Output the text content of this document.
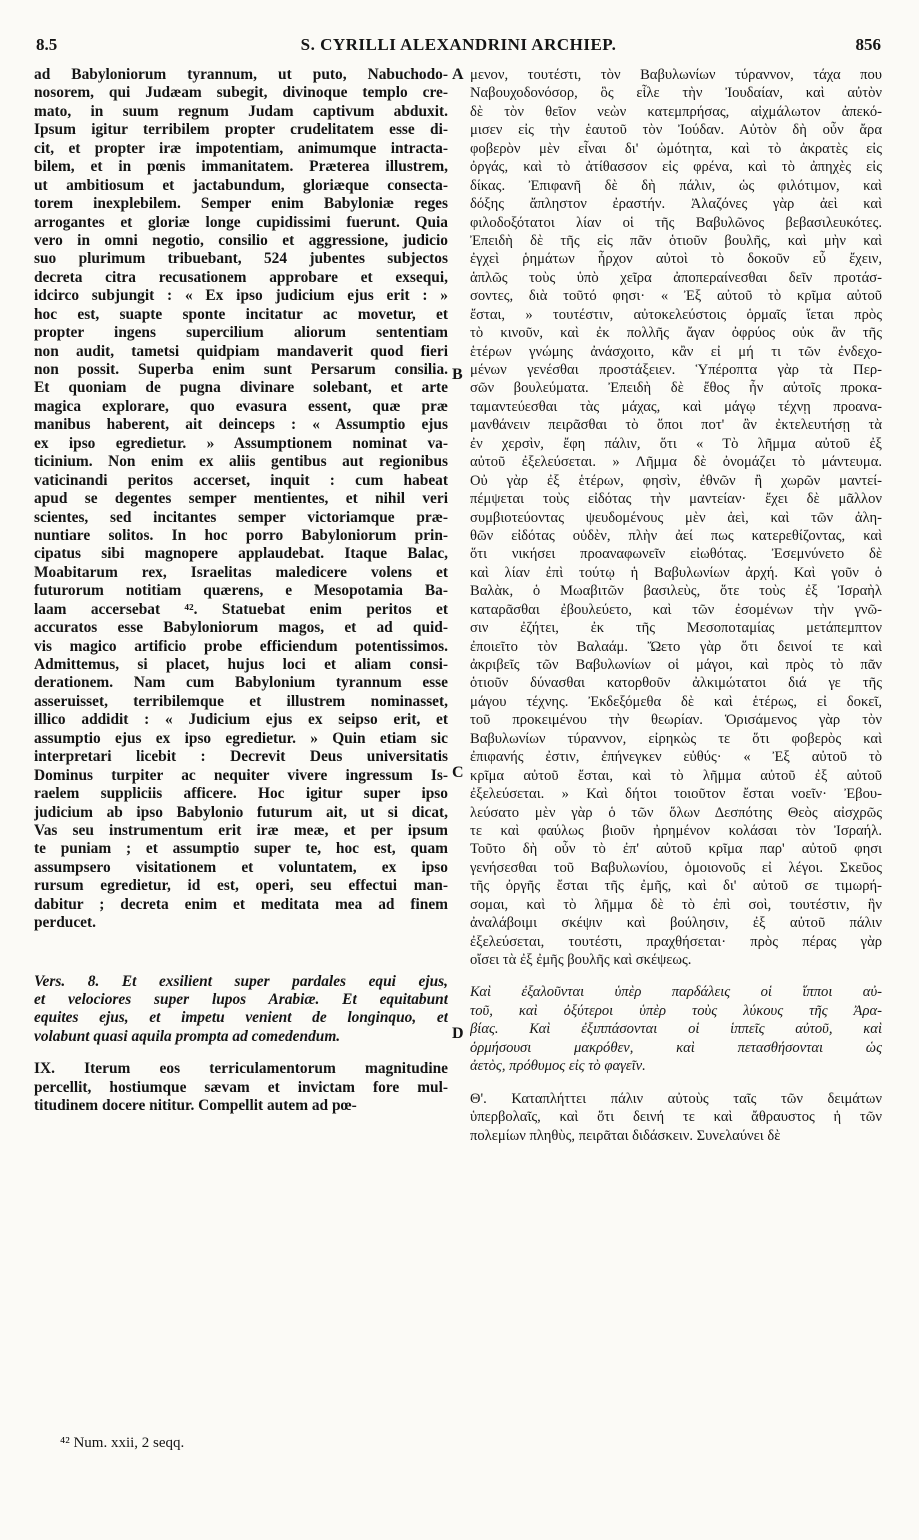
8.5	S. CYRILLI ALEXANDRINI ARCHIEP.	856
A
B
C
D
ad Babyloniorum tyrannum, ut puto, Nabuchodo-
nosorem, qui Judæam subegit, divinoque templo cre-
mato, in suum regnum Judam captivum abduxit.
Ipsum igitur terribilem propter crudelitatem esse di-
cit, et propter iræ impotentiam, animumque intracta-
bilem, et in pœnis immanitatem. Præterea illustrem,
ut ambitiosum et jactabundum, gloriæque consecta-
torem inexplebilem. Semper enim Babyloniæ reges
arrogantes et gloriæ longe cupidissimi fuerunt. Quia
vero in omni negotio, consilio et aggressione, judicio
suo plurimum tribuebant, 524 jubentes subjectos
decreta citra recusationem approbare et exsequi,
idcirco subjungit : « Ex ipso judicium ejus erit : »
hoc est, suapte sponte incitatur ac movetur, et
propter ingens supercilium aliorum sententiam
non audit, tametsi quidpiam mandaverit quod fieri
non possit. Superba enim sunt Persarum consilia.
Et quoniam de pugna divinare solebant, et arte
magica explorare, quo evasura essent, quæ præ
manibus haberent, ait deinceps : « Assumptio ejus
ex ipso egredietur. » Assumptionem nominat va-
ticinium. Non enim ex aliis gentibus aut regionibus
vaticinandi peritos accerset, inquit : cum habeat
apud se degentes semper mentientes, et nihil veri
scientes, sed incitantes semper victoriamque præ-
nuntiare solitos. In hoc porro Babyloniorum prin-
cipatus sibi magnopere applaudebat. Itaque Balac,
Moabitarum rex, Israelitas maledicere volens et
futurorum notitiam quærens, e Mesopotamia Ba-
laam accersebat ⁴². Statuebat enim peritos et
accuratos esse Babyloniorum magos, et ad quid-
vis magico artificio probe efficiendum potentissimos.
Admittemus, si placet, hujus loci et aliam consi-
derationem. Nam cum Babylonium tyrannum esse
asseruisset, terribilemque et illustrem nominasset,
illico addidit : « Judicium ejus ex seipso erit, et
assumptio ejus ex ipso egredietur. » Quin etiam sic
interpretari licebit : Decrevit Deus universitatis
Dominus turpiter ac nequiter vivere ingressum Is-
raelem suppliciis afficere. Hoc igitur super ipso
judicium ab ipso Babylonio futurum ait, ut si dicat,
Vas seu instrumentum erit iræ meæ, et per ipsum
te puniam ; et assumptio super te, hoc est, quam
assumpsero visitationem et voluntatem, ex ipso
rursum egredietur, id est, operi, seu effectui man-
dabitur ; decreta enim et meditata mea ad finem
perducet.
Vers. 8. Et exsilient super pardales equi ejus,
et velociores super lupos Arabiæ. Et equitabunt
equites ejus, et impetu venient de longinquo, et
volabunt quasi aquila prompta ad comedendum.
IX. Iterum eos terriculamentorum magnitudine
percellit, hostiumque sævam et invictam fore mul-
titudinem docere nititur. Compellit autem ad pœ-
μενον, τουτέστι, τὸν Βαβυλωνίων τύραννον, τάχα που
Ναβουχοδονόσορ, ὃς εἷλε τὴν Ἰουδαίαν, καὶ αὐτὸν
δὲ τὸν θεῖον νεὼν κατεμπρήσας, αἰχμάλωτον ἀπεκό-
μισεν εἰς τὴν ἑαυτοῦ τὸν Ἰούδαν. Αὐτὸν δὴ οὖν ἄρα
φοβερὸν μὲν εἶναι δι' ὠμότητα, καὶ τὸ ἀκρατὲς εἰς
ὀργάς, καὶ τὸ ἀτίθασσον εἰς φρένα, καὶ τὸ ἀπηχὲς εἰς
δίκας. Ἐπιφανῆ δὲ δὴ πάλιν, ὡς φιλότιμον, καὶ
δόξης ἄπληστον ἐραστήν. Ἀλαζόνες γὰρ ἀεὶ καὶ
φιλοδοξότατοι λίαν οἱ τῆς Βαβυλῶνος βεβασιλευκότες.
Ἐπειδὴ δὲ τῆς εἰς πᾶν ὁτιοῦν βουλῆς, καὶ μὴν καὶ
ἐγχεὶ ῥημάτων ἦρχον αὐτοὶ τὸ δοκοῦν εὖ ἔχειν,
ἁπλῶς τοὺς ὑπὸ χεῖρα ἀποπεραίνεσθαι δεῖν προτάσ-
σοντες, διὰ τοῦτό φησι· « Ἐξ αὐτοῦ τὸ κρῖμα αὐτοῦ
ἔσται, » τουτέστιν, αὐτοκελεύστοις ὁρμαῖς ἵεται πρὸς
τὸ κινοῦν, καὶ ἐκ πολλῆς ἄγαν ὀφρύος οὐκ ἂν τῆς
ἑτέρων γνώμης ἀνάσχοιτο, κἂν εἰ μή τι τῶν ἐνδεχο-
μένων γενέσθαι προστάξειεν. Ὑπέροπτα γὰρ τὰ Περ-
σῶν βουλεύματα. Ἐπειδὴ δὲ ἔθος ἦν αὐτοῖς προκα-
ταμαντεύεσθαι τὰς μάχας, καὶ μάγῳ τέχνῃ προανα-
μανθάνειν πειρᾶσθαι τὸ ὅποι ποτ' ἂν ἐκτελευτήσῃ τὰ
ἐν χερσὶν, ἔφη πάλιν, ὅτι « Τὸ λῆμμα αὐτοῦ ἐξ
αὐτοῦ ἐξελεύσεται. » Λῆμμα δὲ ὀνομάζει τὸ μάντευμα.
Οὐ γὰρ ἐξ ἑτέρων, φησὶν, ἐθνῶν ἢ χωρῶν μαντεί-
πέμψεται τοὺς εἰδότας τὴν μαντείαν· ἔχει δὲ μᾶλλον
συμβιοτεύοντας ψευδομένους μὲν ἀεὶ, καὶ τῶν ἀλη-
θῶν εἰδότας οὐδὲν, πλὴν ἀεί πως κατερεθίζοντας, καὶ
ὅτι νικήσει προαναφωνεῖν εἰωθότας. Ἐσεμνύνετο δὲ
καὶ λίαν ἐπὶ τούτῳ ἡ Βαβυλωνίων ἀρχή. Καὶ γοῦν ὁ
Βαλὰκ, ὁ Μωαβιτῶν βασιλεὺς, ὅτε τοὺς ἐξ Ἰσραὴλ
καταρᾶσθαι ἐβουλεύετο, καὶ τῶν ἐσομένων τὴν γνῶ-
σιν ἐζήτει, ἐκ τῆς Μεσοποταμίας μετάπεμπτον
ἐποιεῖτο τὸν Βαλαάμ. Ὤετο γὰρ ὅτι δεινοί τε καὶ
ἀκριβεῖς τῶν Βαβυλωνίων οἱ μάγοι, καὶ πρὸς τὸ πᾶν
ὁτιοῦν δύνασθαι κατορθοῦν ἀλκιμώτατοι διά γε τῆς
μάγου τέχνης. Ἐκδεξόμεθα δὲ καὶ ἑτέρως, εἰ δοκεῖ,
τοῦ προκειμένου τὴν θεωρίαν. Ὁρισάμενος γὰρ τὸν
Βαβυλωνίων τύραννον, εἰρηκὼς τε ὅτι φοβερὸς καὶ
ἐπιφανής ἐστιν, ἐπήνεγκεν εὐθύς· « Ἐξ αὐτοῦ τὸ
κρῖμα αὐτοῦ ἔσται, καὶ τὸ λῆμμα αὐτοῦ ἐξ αὐτοῦ
ἐξελεύσεται. » Καὶ δήτοι τοιοῦτον ἔσται νοεῖν· Ἐβου-
λεύσατο μὲν γὰρ ὁ τῶν ὅλων Δεσπότης Θεὸς αἰσχρῶς
τε καὶ φαύλως βιοῦν ἠρημένον κολάσαι τὸν Ἰσραήλ.
Τοῦτο δὴ οὖν τὸ ἐπ' αὐτοῦ κρῖμα παρ' αὐτοῦ φησι
γενήσεσθαι τοῦ Βαβυλωνίου, ὁμοιονοῦς εἰ λέγοι. Σκεῦος
τῆς ὀργῆς ἔσται τῆς ἐμῆς, καὶ δι' αὐτοῦ σε τιμωρή-
σομαι, καὶ τὸ λῆμμα δὲ τὸ ἐπὶ σοὶ, τουτέστιν, ἣν
ἀναλάβοιμι σκέψιν καὶ βούλησιν, ἐξ αὐτοῦ πάλιν
ἐξελεύσεται, τουτέστι, πραχθήσεται· πρὸς πέρας γὰρ
οἴσει τὰ ἐξ ἐμῆς βουλῆς καὶ σκέψεως.
Καὶ ἐξαλοῦνται ὑπὲρ παρδάλεις οἱ ἵπποι αὐ-
τοῦ, καὶ ὀξύτεροι ὑπὲρ τοὺς λύκους τῆς Ἀρα-
βίας. Καὶ ἐξιππάσονται οἱ ἱππεῖς αὐτοῦ, καὶ
ὁρμήσουσι μακρόθεν, καὶ πετασθήσονται ὡς
ἀετὸς, πρόθυμος εἰς τὸ φαγεῖν.
Θ'. Καταπλήττει πάλιν αὐτοὺς ταῖς τῶν δειμάτων
ὑπερβολαῖς, καὶ ὅτι δεινή τε καὶ ἄθραυστος ἡ τῶν
πολεμίων πληθὺς, πειρᾶται διδάσκειν. Συνελαύνει δὲ
⁴² Num. xxii, 2 seqq.
